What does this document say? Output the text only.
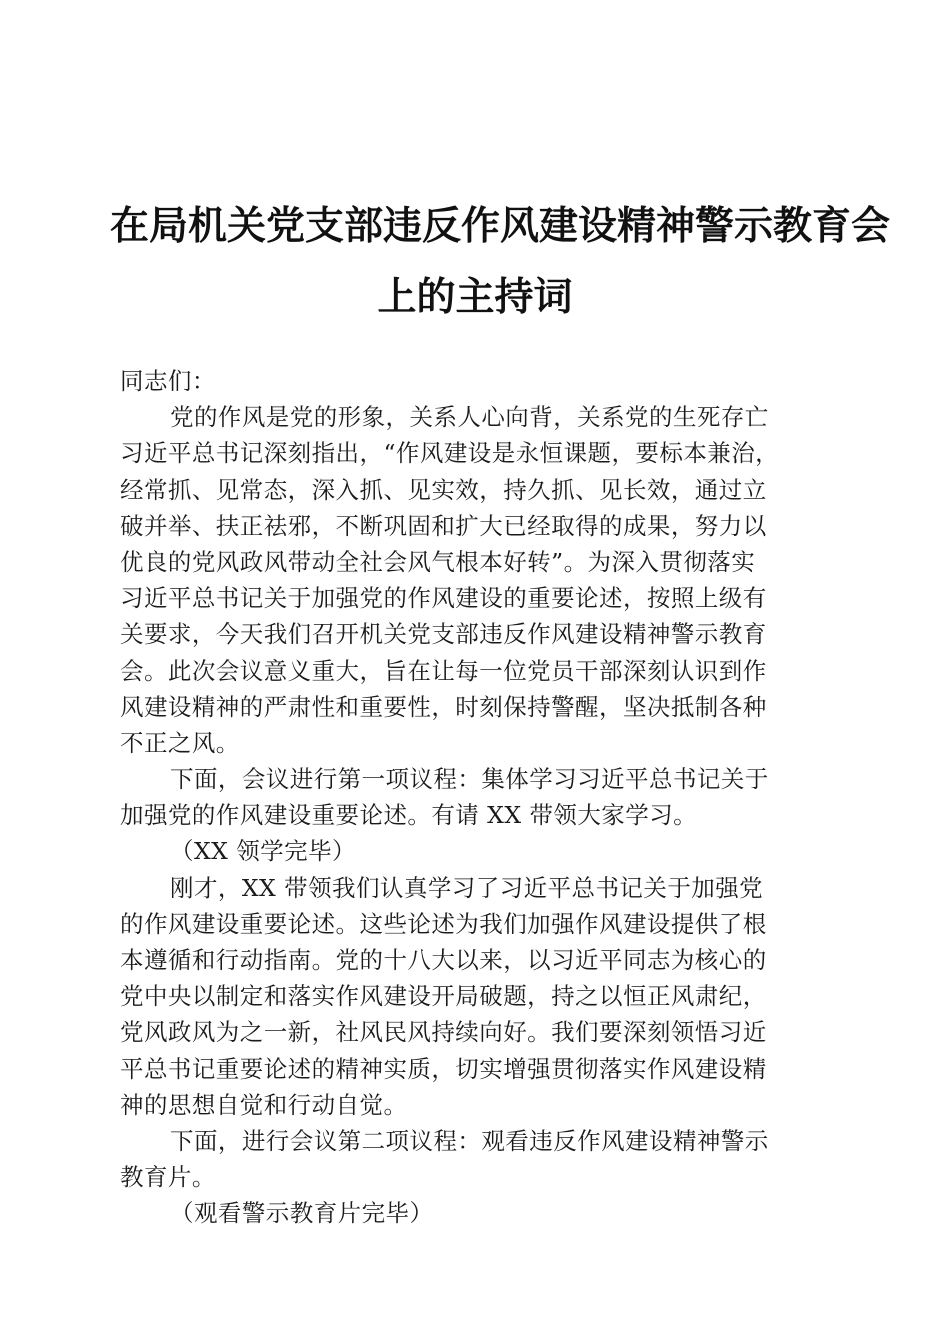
在局机关党支部违反作风建设精神警示教育会
上的主持词
同志们：
党的作风是党的形象，关系人心向背，关系党的生死存亡
习近平总书记深刻指出，“作风建设是永恒课题，要标本兼治，
经常抓、见常态，深入抓、见实效，持久抓、见长效，通过立
破并举、扶正祛邪，不断巩固和扩大已经取得的成果，努力以
优良的党风政风带动全社会风气根本好转”。为深入贯彻落实
习近平总书记关于加强党的作风建设的重要论述，按照上级有
关要求，今天我们召开机关党支部违反作风建设精神警示教育
会。此次会议意义重大，旨在让每一位党员干部深刻认识到作
风建设精神的严肃性和重要性，时刻保持警醒，坚决抵制各种
不正之风。
下面，会议进行第一项议程：集体学习习近平总书记关于
加强党的作风建设重要论述。有请 XX 带领大家学习。
（XX 领学完毕）
刚才，XX 带领我们认真学习了习近平总书记关于加强党
的作风建设重要论述。这些论述为我们加强作风建设提供了根
本遵循和行动指南。党的十八大以来，以习近平同志为核心的
党中央以制定和落实作风建设开局破题，持之以恒正风肃纪，
党风政风为之一新，社风民风持续向好。我们要深刻领悟习近
平总书记重要论述的精神实质，切实增强贯彻落实作风建设精
神的思想自觉和行动自觉。
下面，进行会议第二项议程：观看违反作风建设精神警示
教育片。
（观看警示教育片完毕）
